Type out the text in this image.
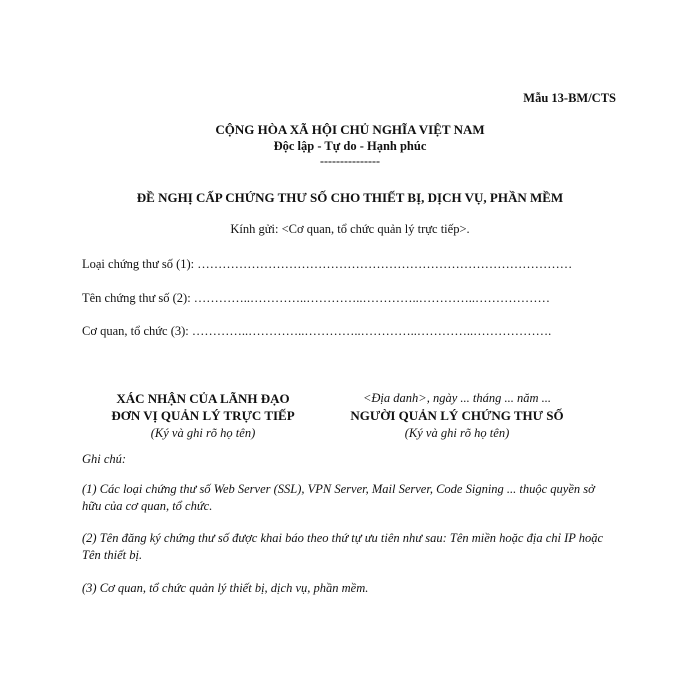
Mẫu 13-BM/CTS
CỘNG HÒA XÃ HỘI CHỦ NGHĨA VIỆT NAM
Độc lập - Tự do - Hạnh phúc
---------------
ĐỀ NGHỊ CẤP CHỨNG THƯ SỐ CHO THIẾT BỊ, DỊCH VỤ, PHẦN MỀM
Kính gửi: <Cơ quan, tổ chức quản lý trực tiếp>.
Loại chứng thư số (1): ………………………………………………………………………………
Tên chứng thư số (2): …………..…………..…………..…………..…………..………………
Cơ quan, tổ chức (3): …………..…………..…………..…………..…………..……………….
XÁC NHẬN CỦA LÃNH ĐẠO
ĐƠN VỊ QUẢN LÝ TRỰC TIẾP
(Ký và ghi rõ họ tên)
<Địa danh>, ngày ... tháng ... năm ...
NGƯỜI QUẢN LÝ CHỨNG THƯ SỐ
(Ký và ghi rõ họ tên)
Ghi chú:
(1) Các loại chứng thư số Web Server (SSL), VPN Server, Mail Server, Code Signing ... thuộc quyền sở hữu của cơ quan, tổ chức.
(2) Tên đăng ký chứng thư số được khai báo theo thứ tự ưu tiên như sau: Tên miền hoặc địa chỉ IP hoặc Tên thiết bị.
(3) Cơ quan, tổ chức quản lý thiết bị, dịch vụ, phần mềm.
